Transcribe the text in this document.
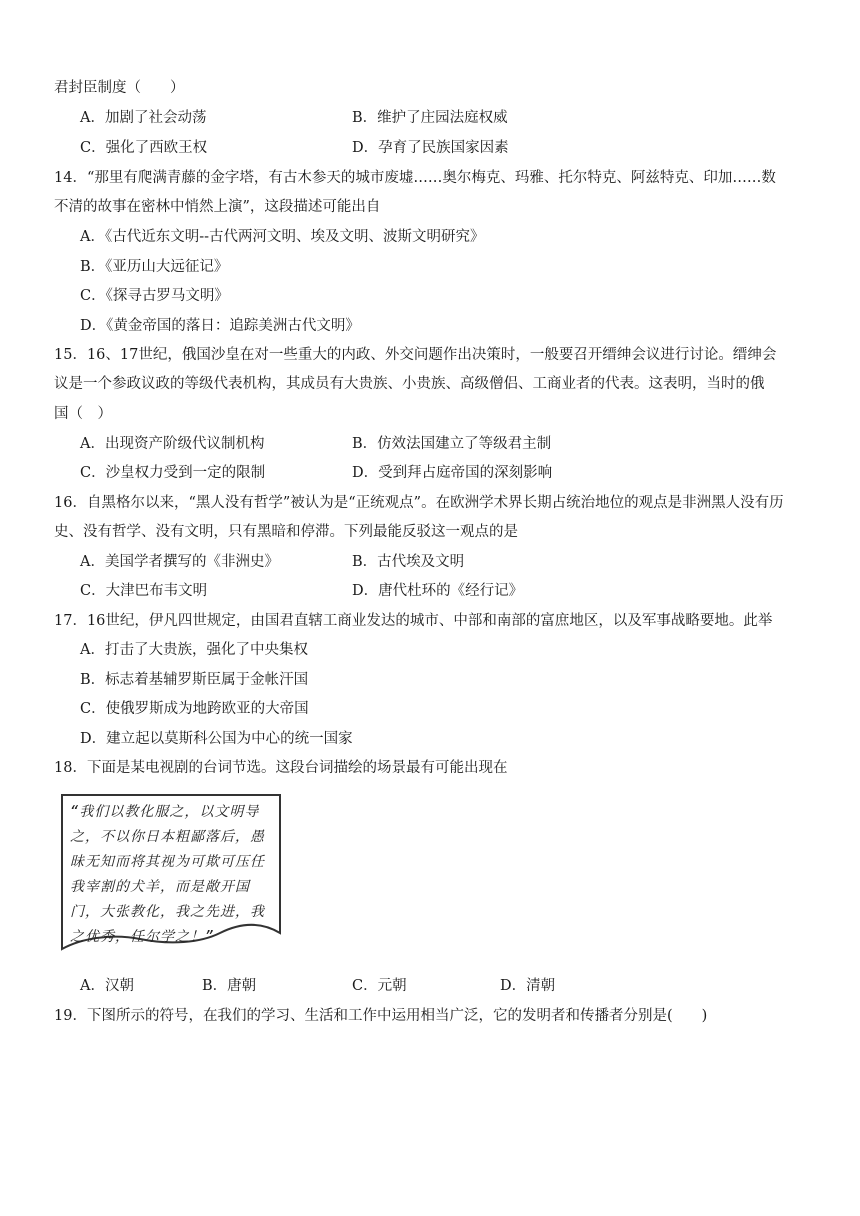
君封臣制度（　　）
A．加剧了社会动荡	B．维护了庄园法庭权威
C．强化了西欧王权	D．孕育了民族国家因素
14．“那里有爬满青藤的金字塔，有古木参天的城市废墟……奥尔梅克、玛雅、托尔特克、阿兹特克、印加……数
不清的故事在密林中悄然上演”，这段描述可能出自
A．《古代近东文明--古代两河文明、埃及文明、波斯文明研究》
B．《亚历山大远征记》
C．《探寻古罗马文明》
D．《黄金帝国的落日：追踪美洲古代文明》
15．16、17世纪，俄国沙皇在对一些重大的内政、外交问题作出决策时，一般要召开缙绅会议进行讨论。缙绅会
议是一个参政议政的等级代表机构，其成员有大贵族、小贵族、高级僧侣、工商业者的代表。这表明，当时的俄
国（　）
A．出现资产阶级代议制机构	B．仿效法国建立了等级君主制
C．沙皇权力受到一定的限制	D．受到拜占庭帝国的深刻影响
16．自黑格尔以来，“黑人没有哲学”被认为是“正统观点”。在欧洲学术界长期占统治地位的观点是非洲黑人没有历
史、没有哲学、没有文明，只有黑暗和停滞。下列最能反驳这一观点的是
A．美国学者撰写的《非洲史》	B．古代埃及文明
C．大津巴布韦文明	D．唐代杜环的《经行记》
17．16世纪，伊凡四世规定，由国君直辖工商业发达的城市、中部和南部的富庶地区，以及军事战略要地。此举
A．打击了大贵族，强化了中央集权
B．标志着基辅罗斯臣属于金帐汗国
C．使俄罗斯成为地跨欧亚的大帝国
D．建立起以莫斯科公国为中心的统一国家
18．下面是某电视剧的台词节选。这段台词描绘的场景最有可能出现在
“我们以教化服之，以文明导之，不以你日本粗鄙落后，愚昧无知而将其视为可欺可压任我宰割的犬羊，而是敞开国门，大张教化，我之先进，我之优秀，任尔学之！”
A．汉朝	B．唐朝	C．元朝	D．清朝
19．下图所示的符号，在我们的学习、生活和工作中运用相当广泛，它的发明者和传播者分别是(　　)
